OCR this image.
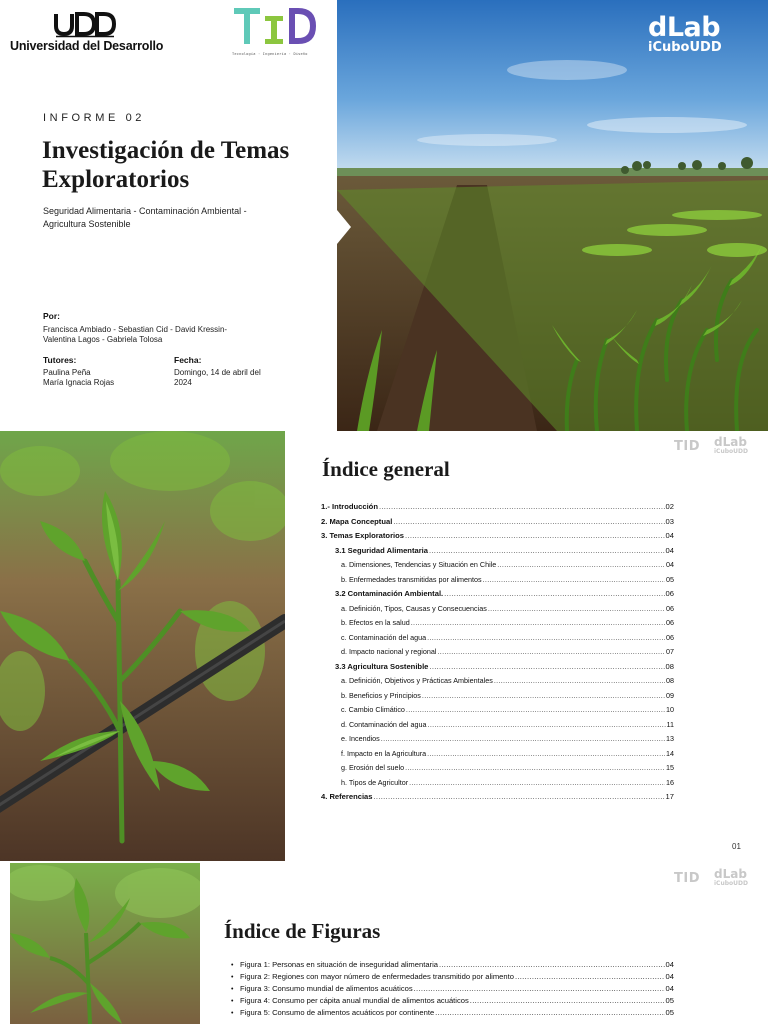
Universidad del Desarrollo
Tecnología · Ingeniería · Diseño
INFORME 02
Investigación de Temas Exploratorios
Seguridad Alimentaria - Contaminación Ambiental - Agricultura Sostenible
Por:
Francisca Ambiado - Sebastian Cid - David Kressin- Valentina Lagos - Gabriela Tolosa
Tutores:
Paulina Peña
María Ignacia Rojas
Fecha:
Domingo, 14 de abril del 2024
dLab
iCuboUDD
TID dLab
iCuboUDD
Índice general
1.- Introducción .....	02
2. Mapa Conceptual .....	03
3. Temas Exploratorios .....	04
3.1 Seguridad Alimentaria .....	04
a. Dimensiones, Tendencias y Situación en Chile .....	04
b. Enfermedades transmitidas por alimentos .....	05
3.2 Contaminación Ambiental. .....	06
a. Definición, Tipos, Causas y Consecuencias .....	06
b. Efectos en la salud .....	06
c. Contaminación del agua .....	06
d. Impacto nacional y regional .....	07
3.3 Agricultura Sostenible .....	08
a. Definición, Objetivos y Prácticas Ambientales .....	08
b. Beneficios y Principios .....	09
c. Cambio Climático .....	10
d. Contaminación del agua .....	11
e. Incendios .....	13
f. Impacto en la Agricultura .....	14
g. Erosión del suelo .....	15
h. Tipos de Agricultor .....	16
4. Referencias .....	17
01
TID dLab
iCuboUDD
Índice de Figuras
• Figura 1: Personas en situación de inseguridad alimentaria .....	04
• Figura 2: Regiones con mayor número de enfermedades transmitido por alimento .....	04
• Figura 3: Consumo mundial de alimentos acuáticos .....	04
• Figura 4: Consumo per cápita anual mundial de alimentos acuáticos .....	05
• Figura 5: Consumo de alimentos acuáticos por continente .....	05
